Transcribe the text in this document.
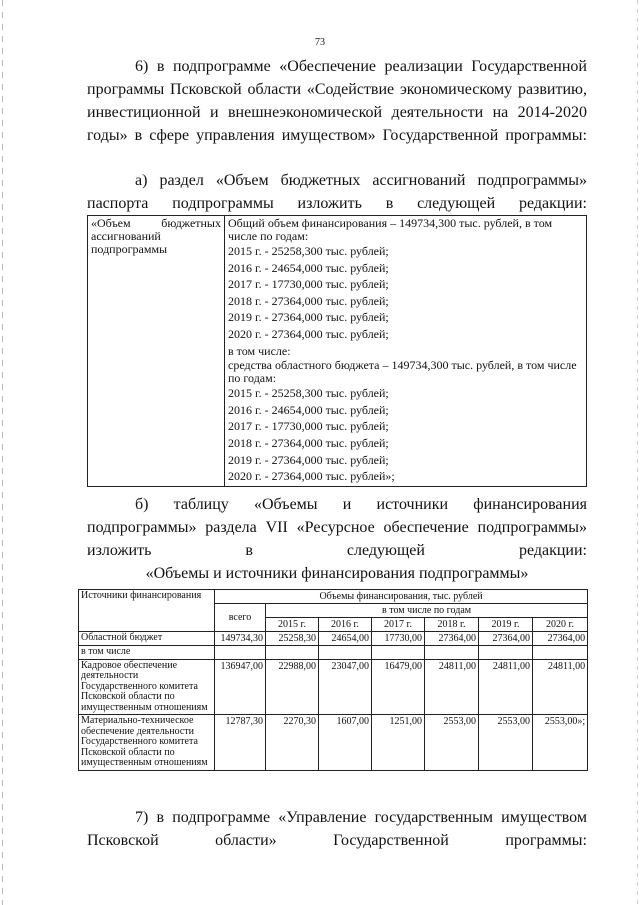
73

6) в подпрограмме «Обеспечение реализации Государственной программы Псковской области «Содействие экономическому развитию, инвестиционной и внешнеэкономической деятельности на 2014-2020 годы» в сфере управления имуществом» Государственной программы:

а) раздел «Объем бюджетных ассигнований подпрограммы» паспорта подпрограммы изложить в следующей редакции:

«Объем бюджетных ассигнований подпрограммы

Общий объем финансирования – 149734,300 тыс. рублей, в том числе по годам:
2015 г. - 25258,300 тыс. рублей;
2016 г. - 24654,000 тыс. рублей;
2017 г. - 17730,000 тыс. рублей;
2018 г. - 27364,000 тыс. рублей;
2019 г. - 27364,000 тыс. рублей;
2020 г. - 27364,000 тыс. рублей;
в том числе:
средства областного бюджета – 149734,300 тыс. рублей, в том числе по годам:
2015 г. - 25258,300 тыс. рублей;
2016 г. - 24654,000 тыс. рублей;
2017 г. - 17730,000 тыс. рублей;
2018 г. - 27364,000 тыс. рублей;
2019 г. - 27364,000 тыс. рублей;
2020 г. - 27364,000 тыс. рублей»;

б) таблицу «Объемы и источники финансирования подпрограммы» раздела VII «Ресурсное обеспечение подпрограммы» изложить в следующей редакции:

«Объемы и источники финансирования подпрограммы»

Источники финансирования	Объемы финансирования, тыс. рублей						
	всего	в том числе по годам					
		2015 г.	2016 г.	2017 г.	2018 г.	2019 г.	2020 г.
Областной бюджет	149734,30	25258,30	24654,00	17730,00	27364,00	27364,00	27364,00
в том числе							
Кадровое обеспечение деятельности Государственного комитета Псковской области по имущественным отношениям	136947,00	22988,00	23047,00	16479,00	24811,00	24811,00	24811,00
Материально-техническое обеспечение деятельности Государственного комитета Псковской области по имущественным отношениям	12787,30	2270,30	1607,00	1251,00	2553,00	2553,00	2553,00»;

7) в подпрограмме «Управление государственным имуществом Псковской области» Государственной программы:
